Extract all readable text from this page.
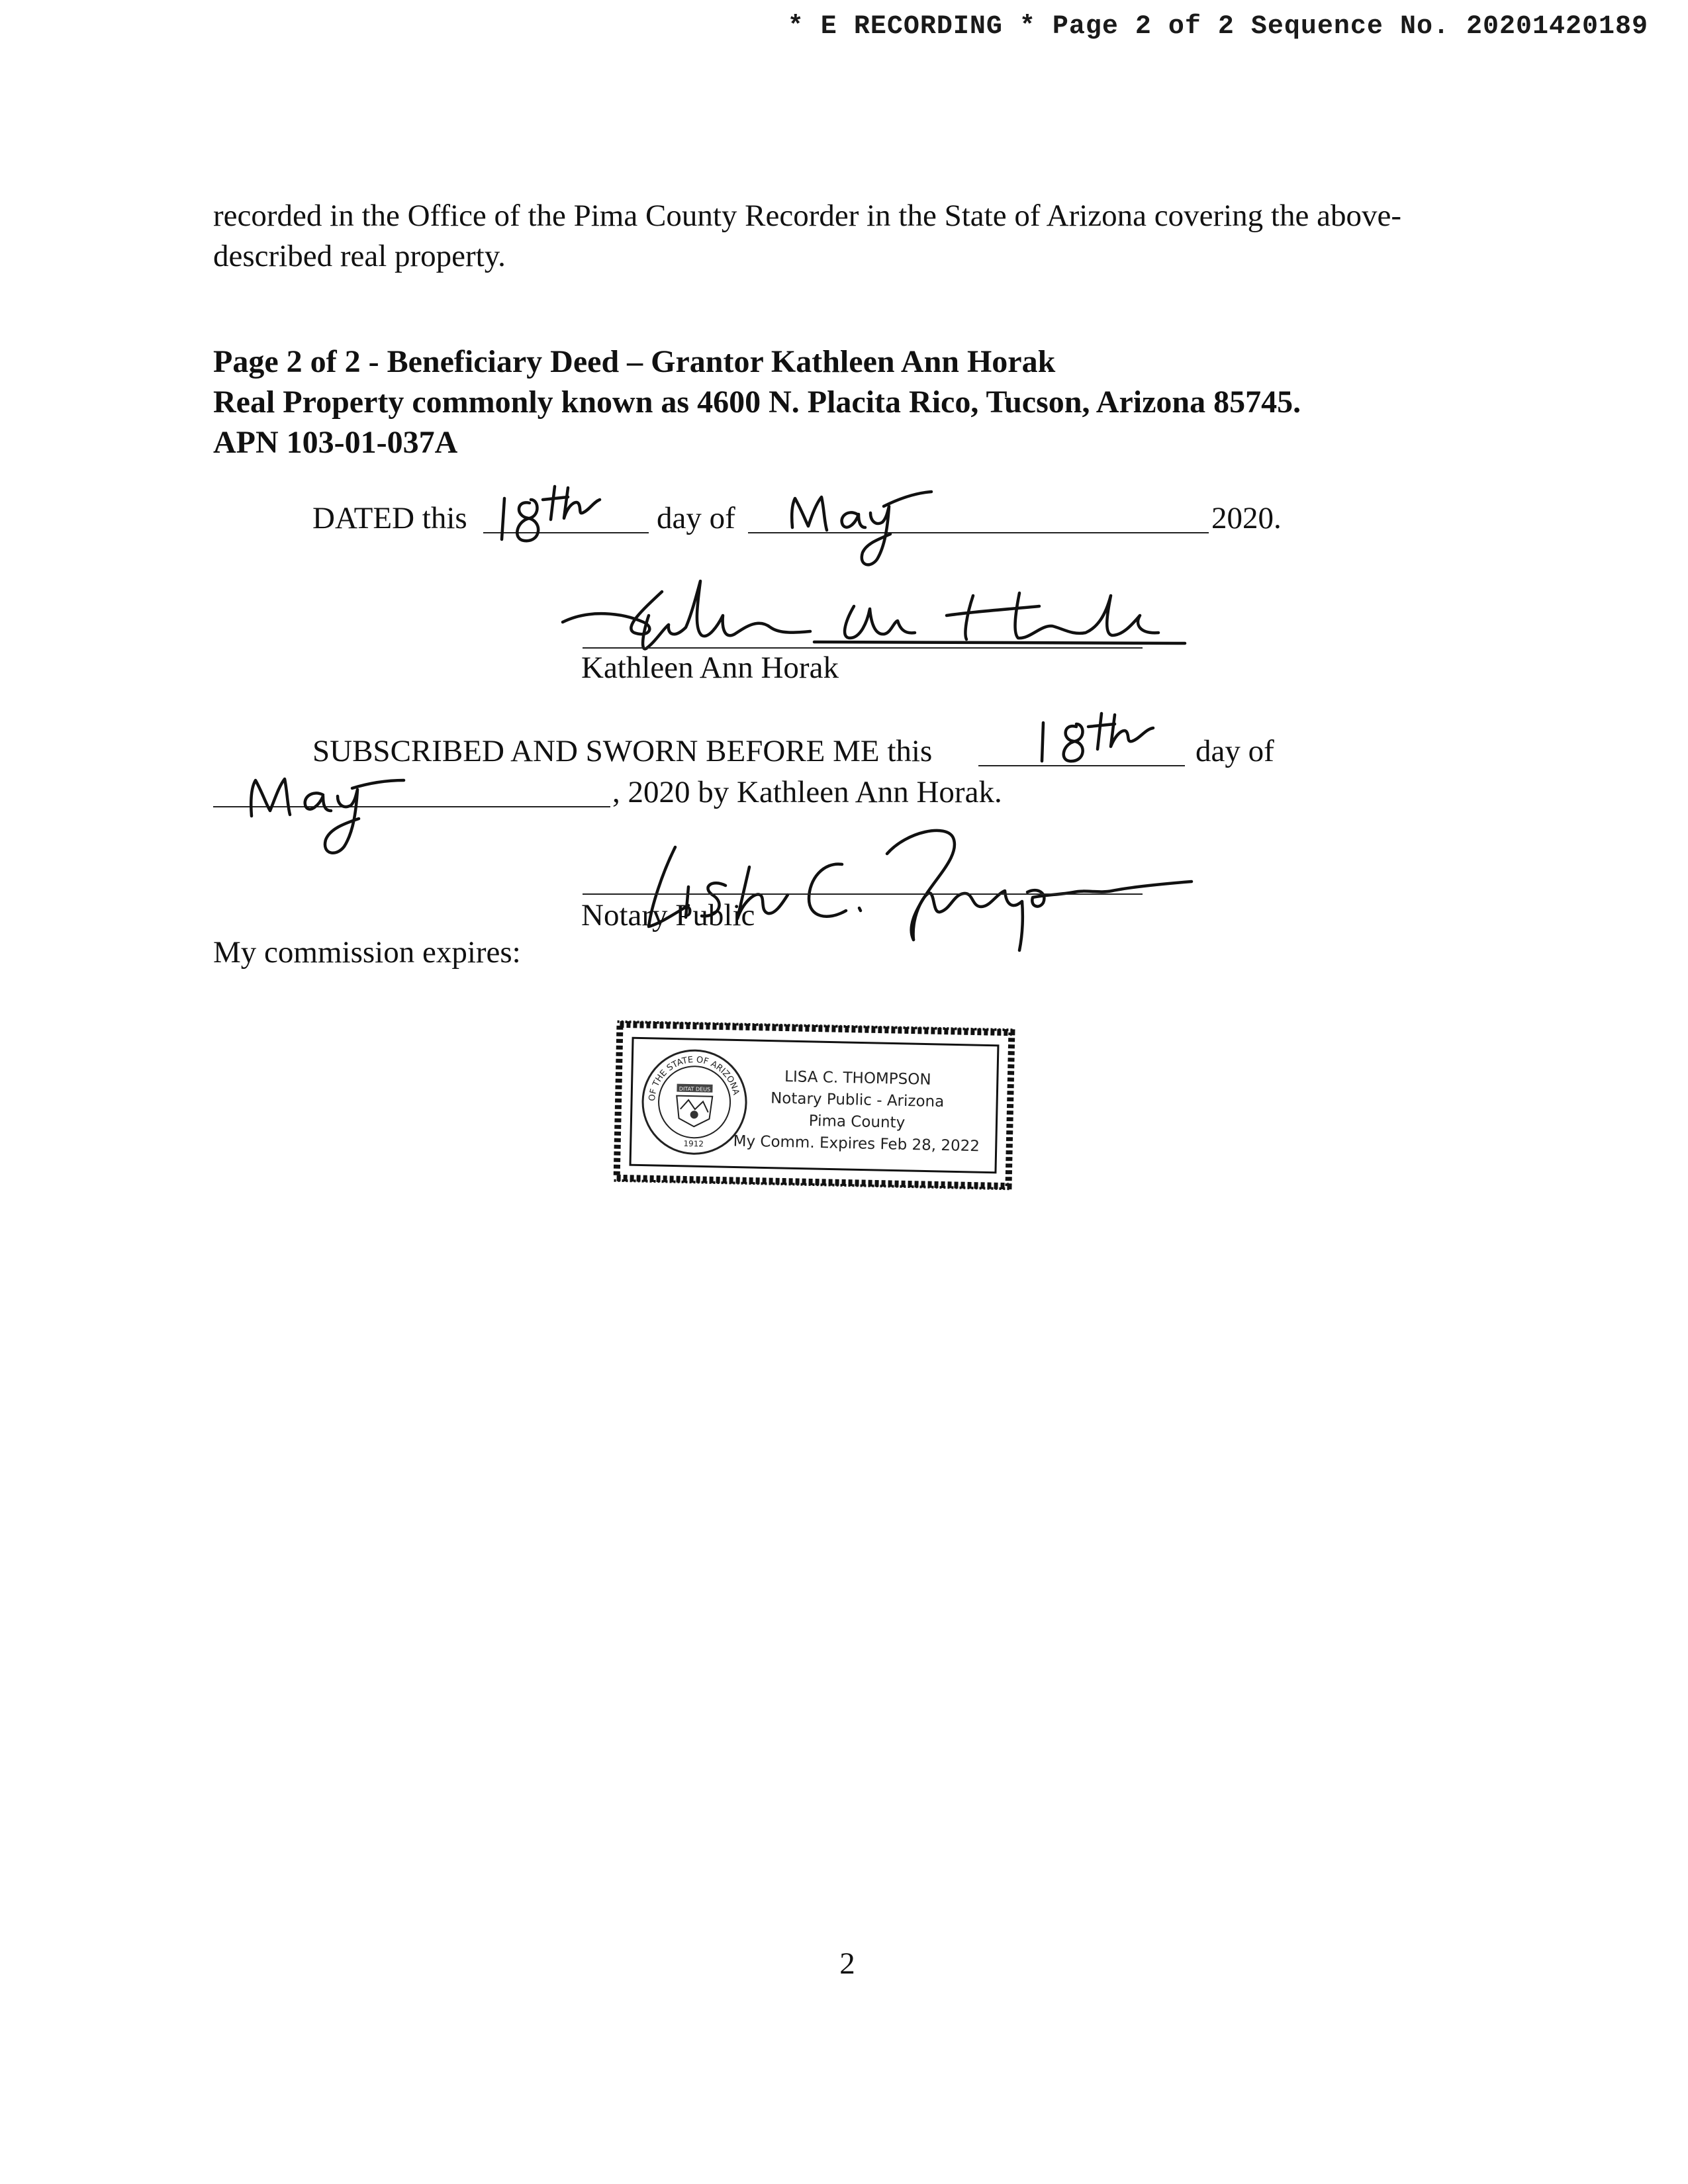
* E RECORDING * Page 2 of 2 Sequence No. 20201420189
recorded in the Office of the Pima County Recorder in the State of Arizona covering the above-described real property.
Page 2 of 2 - Beneficiary Deed – Grantor Kathleen Ann Horak
Real Property commonly known as 4600 N. Placita Rico, Tucson, Arizona 85745.
APN 103-01-037A
DATED this	day of	2020.
Kathleen Ann Horak
SUBSCRIBED AND SWORN BEFORE ME this	day of
, 2020 by Kathleen Ann Horak.
Notary Public
My commission expires:
OF THE STATE OF ARIZONA
DITAT DEUS
1912
LISA C. THOMPSON
Notary Public - Arizona
Pima County
My Comm. Expires Feb 28, 2022
2
